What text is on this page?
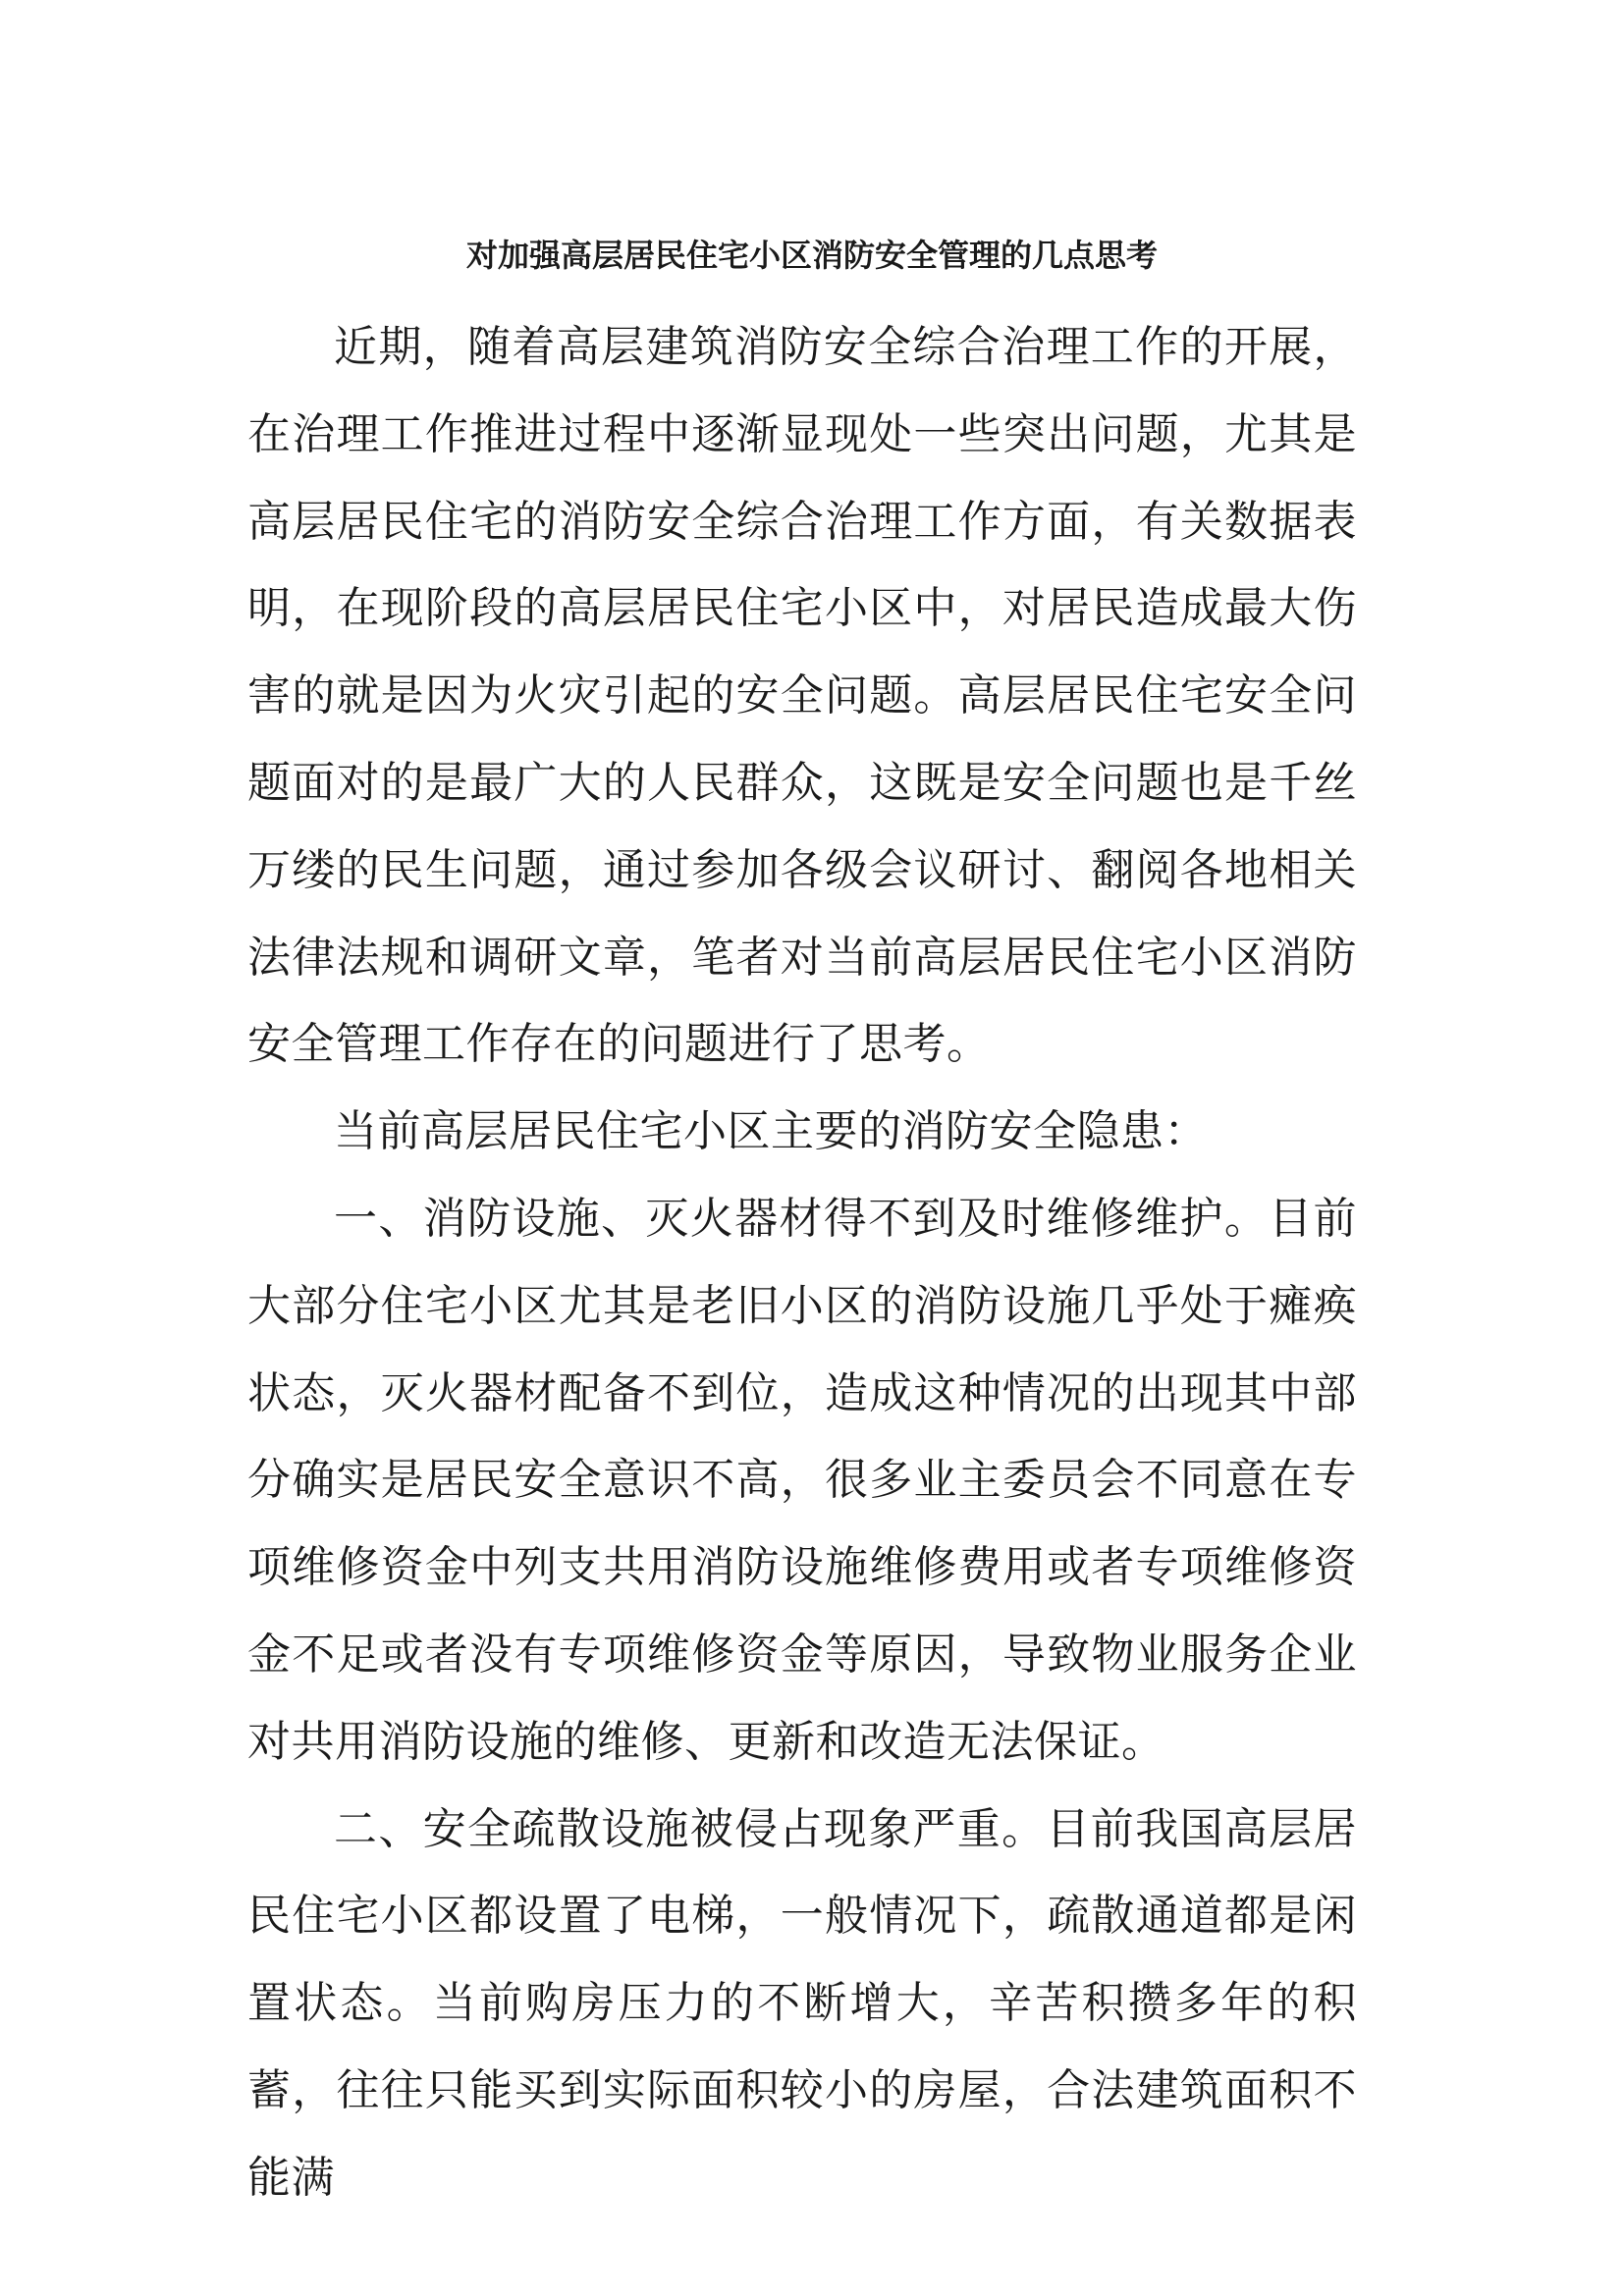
对加强高层居民住宅小区消防安全管理的几点思考

近期，随着高层建筑消防安全综合治理工作的开展，在治理工作推进过程中逐渐显现处一些突出问题，尤其是高层居民住宅的消防安全综合治理工作方面，有关数据表明，在现阶段的高层居民住宅小区中，对居民造成最大伤害的就是因为火灾引起的安全问题。高层居民住宅安全问题面对的是最广大的人民群众，这既是安全问题也是千丝万缕的民生问题，通过参加各级会议研讨、翻阅各地相关法律法规和调研文章，笔者对当前高层居民住宅小区消防安全管理工作存在的问题进行了思考。

当前高层居民住宅小区主要的消防安全隐患：

一、消防设施、灭火器材得不到及时维修维护。目前大部分住宅小区尤其是老旧小区的消防设施几乎处于瘫痪状态，灭火器材配备不到位，造成这种情况的出现其中部分确实是居民安全意识不高，很多业主委员会不同意在专项维修资金中列支共用消防设施维修费用或者专项维修资金不足或者没有专项维修资金等原因，导致物业服务企业对共用消防设施的维修、更新和改造无法保证。

二、安全疏散设施被侵占现象严重。目前我国高层居民住宅小区都设置了电梯，一般情况下，疏散通道都是闲置状态。当前购房压力的不断增大，辛苦积攒多年的积蓄，往往只能买到实际面积较小的房屋，合法建筑面积不能满
